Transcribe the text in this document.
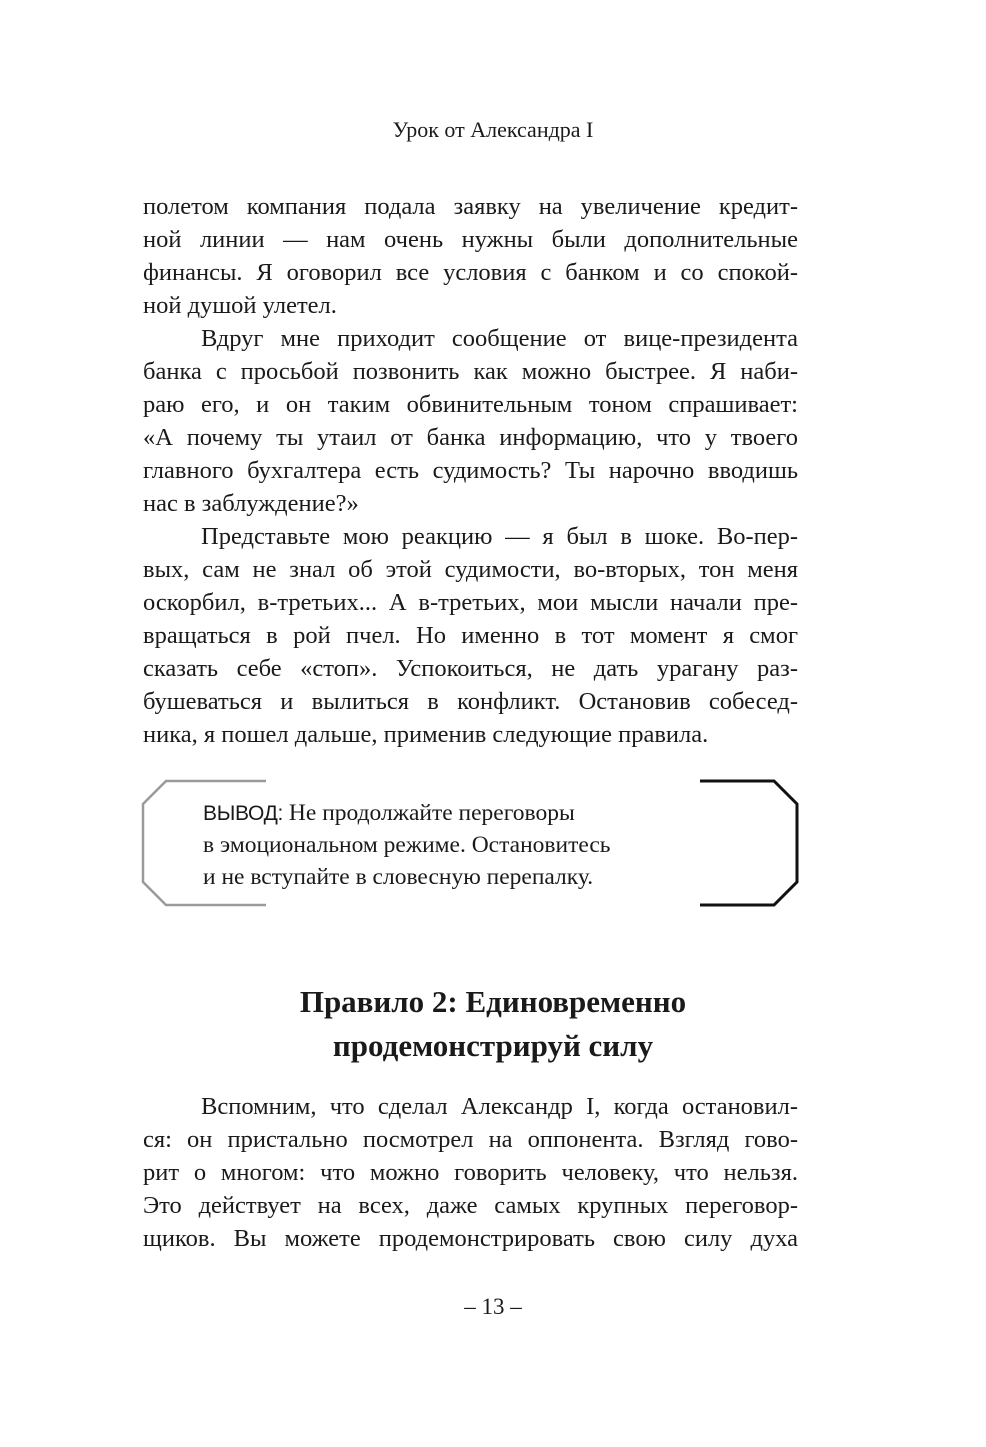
Урок от Александра I
полетом компания подала заявку на увеличение кредит-
ной линии — нам очень нужны были дополнительные
финансы. Я оговорил все условия с банком и со спокой-
ной душой улетел.
Вдруг мне приходит сообщение от вице-президента
банка с просьбой позвонить как можно быстрее. Я наби-
раю его, и он таким обвинительным тоном спрашивает:
«А почему ты утаил от банка информацию, что у твоего
главного бухгалтера есть судимость? Ты нарочно вводишь
нас в заблуждение?»
Представьте мою реакцию — я был в шоке. Во-пер-
вых, сам не знал об этой судимости, во-вторых, тон меня
оскорбил, в-третьих... А в-третьих, мои мысли начали пре-
вращаться в рой пчел. Но именно в тот момент я смог
сказать себе «стоп». Успокоиться, не дать урагану раз-
бушеваться и вылиться в конфликт. Остановив собесед-
ника, я пошел дальше, применив следующие правила.
ВЫВОД: Не продолжайте переговоры
в эмоциональном режиме. Остановитесь
и не вступайте в словесную перепалку.
Правило 2: Единовременно
продемонстрируй силу
Вспомним, что сделал Александр I, когда остановил-
ся: он пристально посмотрел на оппонента. Взгляд гово-
рит о многом: что можно говорить человеку, что нельзя.
Это действует на всех, даже самых крупных переговор-
щиков. Вы можете продемонстрировать свою силу духа
– 13 –
